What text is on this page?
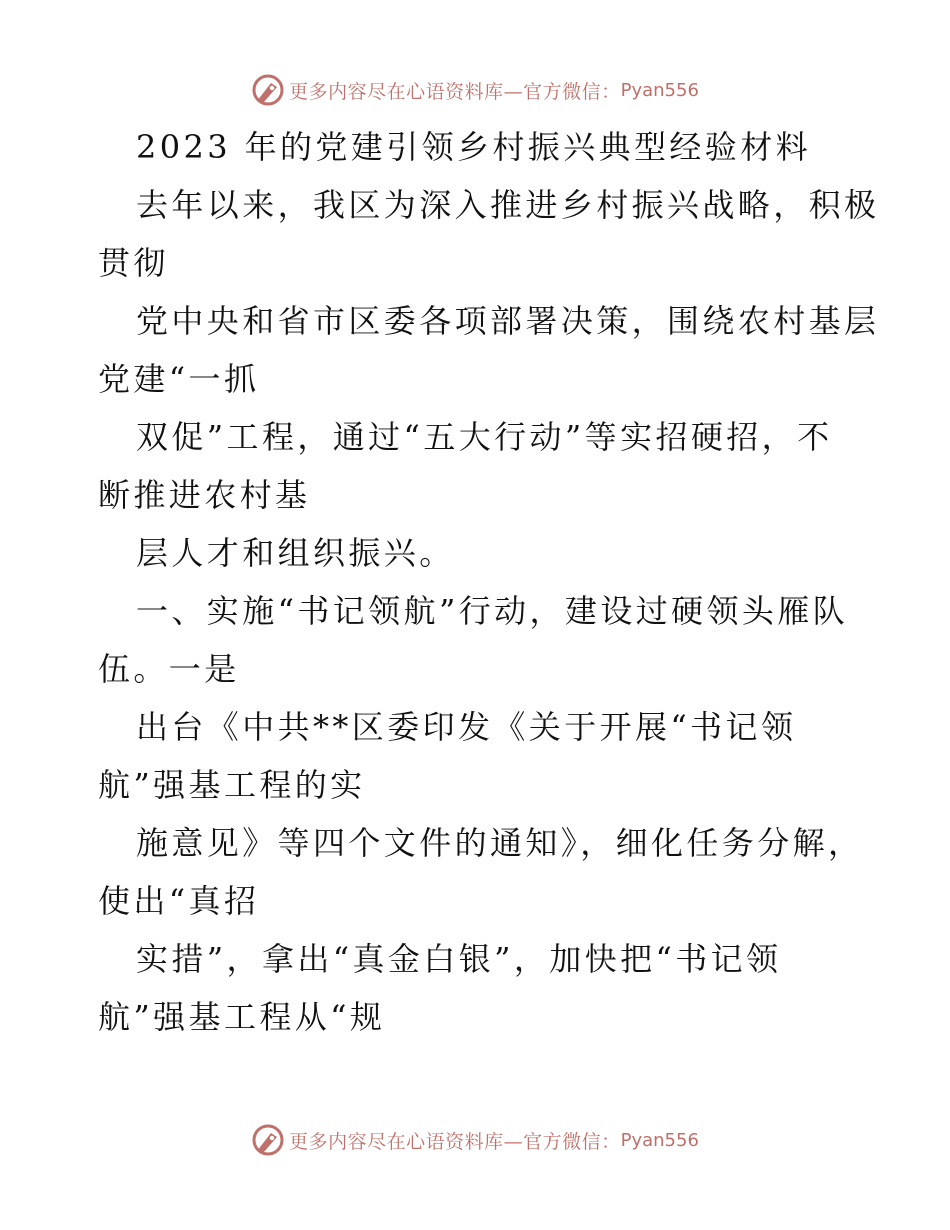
更多内容尽在心语资料库—官方微信： Pyan556
2023 年的党建引领乡村振兴典型经验材料
去年以来，我区为深入推进乡村振兴战略，积极
贯彻
党中央和省市区委各项部署决策，围绕农村基层
党建“一抓
双促”工程，通过“五大行动”等实招硬招，不
断推进农村基
层人才和组织振兴。
一、实施“书记领航”行动，建设过硬领头雁队
伍。一是
出台《中共**区委印发《关于开展“书记领
航”强基工程的实
施意见》等四个文件的通知》，细化任务分解，
使出“真招
实措”，拿出“真金白银”，加快把“书记领
航”强基工程从“规
更多内容尽在心语资料库—官方微信： Pyan556
